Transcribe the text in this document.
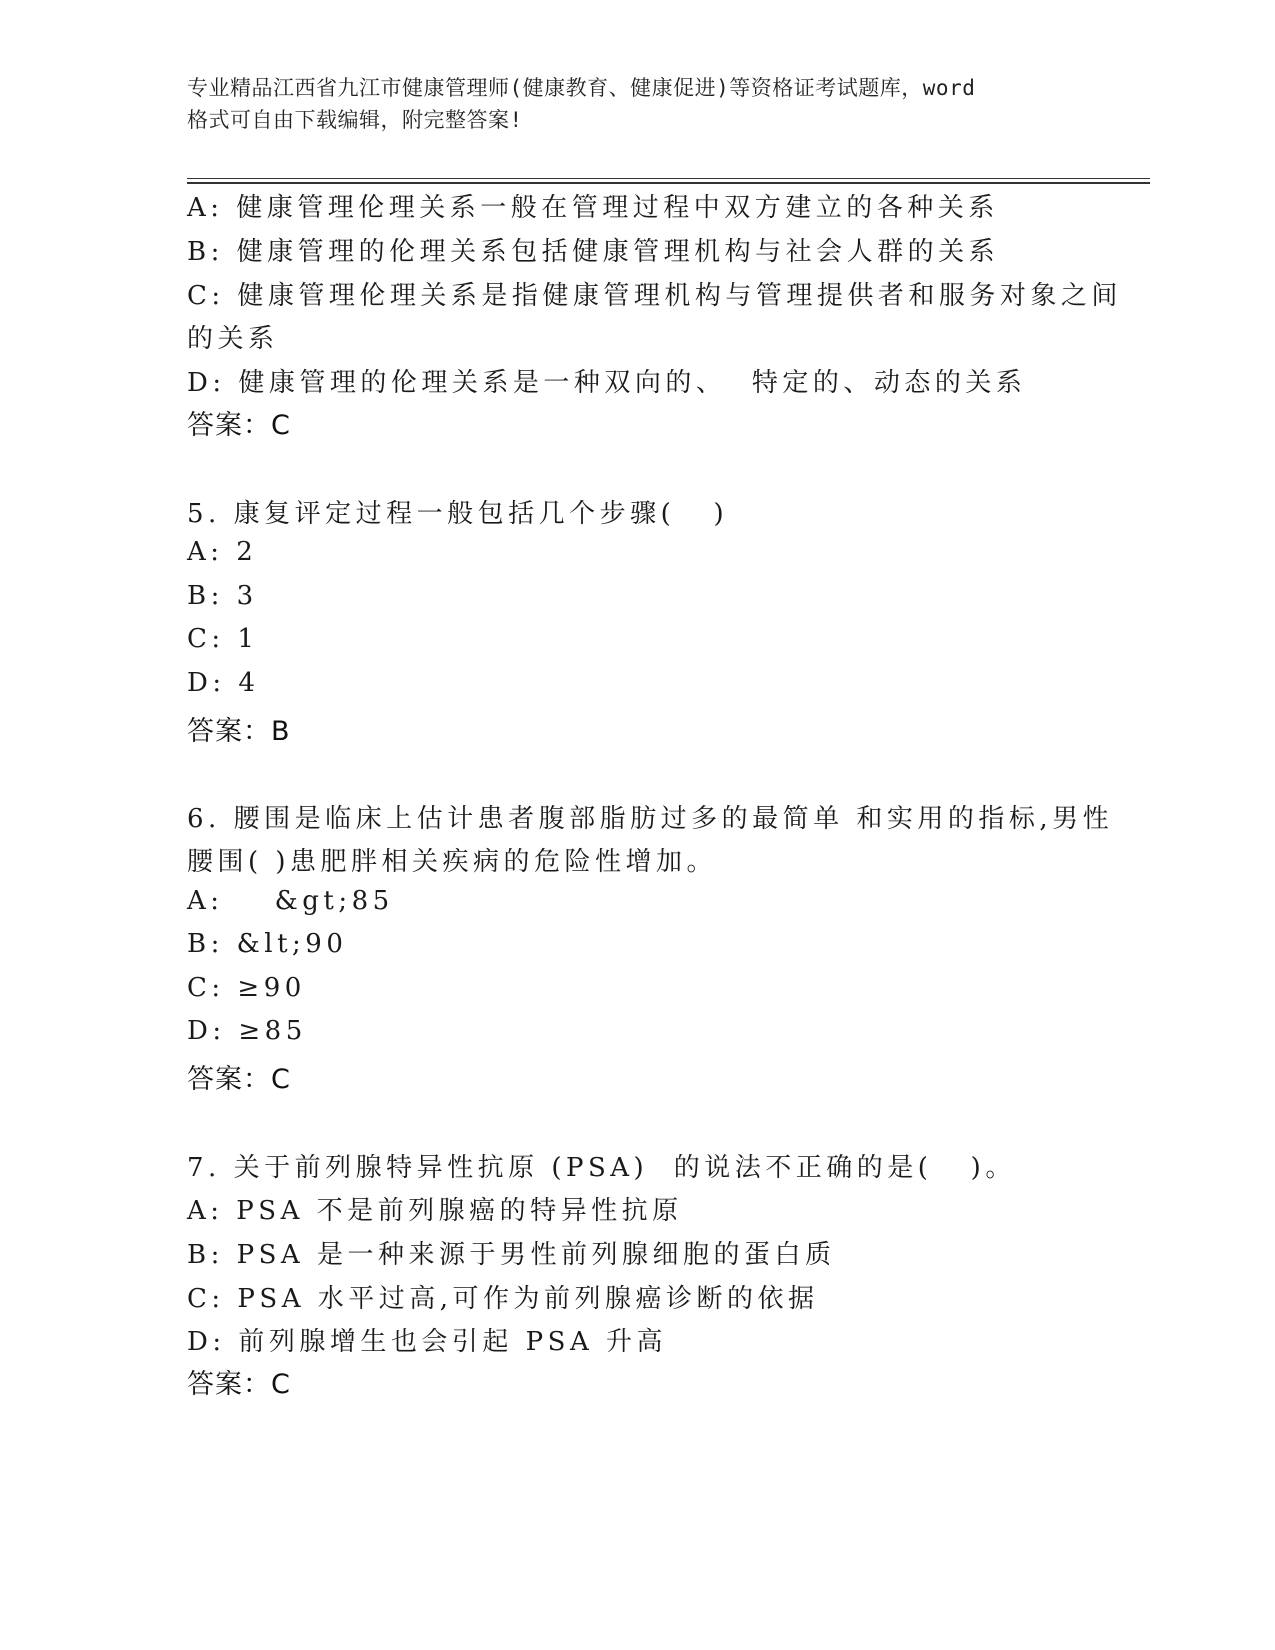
专业精品江西省九江市健康管理师(健康教育、健康促进)等资格证考试题库，word
格式可自由下载编辑，附完整答案!
A: 健康管理伦理关系一般在管理过程中双方建立的各种关系
B: 健康管理的伦理关系包括健康管理机构与社会人群的关系
C: 健康管理伦理关系是指健康管理机构与管理提供者和服务对象之间
的关系
D: 健康管理的伦理关系是一种双向的、  特定的、动态的关系
答案：C
5. 康复评定过程一般包括几个步骤(   )
A: 2
B: 3
C: 1
D: 4
答案：B
6. 腰围是临床上估计患者腹部脂肪过多的最简单 和实用的指标,男性
腰围( )患肥胖相关疾病的危险性增加。
A:    &gt;85
B: &lt;90
C: ≥90
D: ≥85
答案：C
7. 关于前列腺特异性抗原 (PSA)  的说法不正确的是(   )。
A: PSA 不是前列腺癌的特异性抗原
B: PSA 是一种来源于男性前列腺细胞的蛋白质
C: PSA 水平过高,可作为前列腺癌诊断的依据
D: 前列腺增生也会引起 PSA 升高
答案：C
